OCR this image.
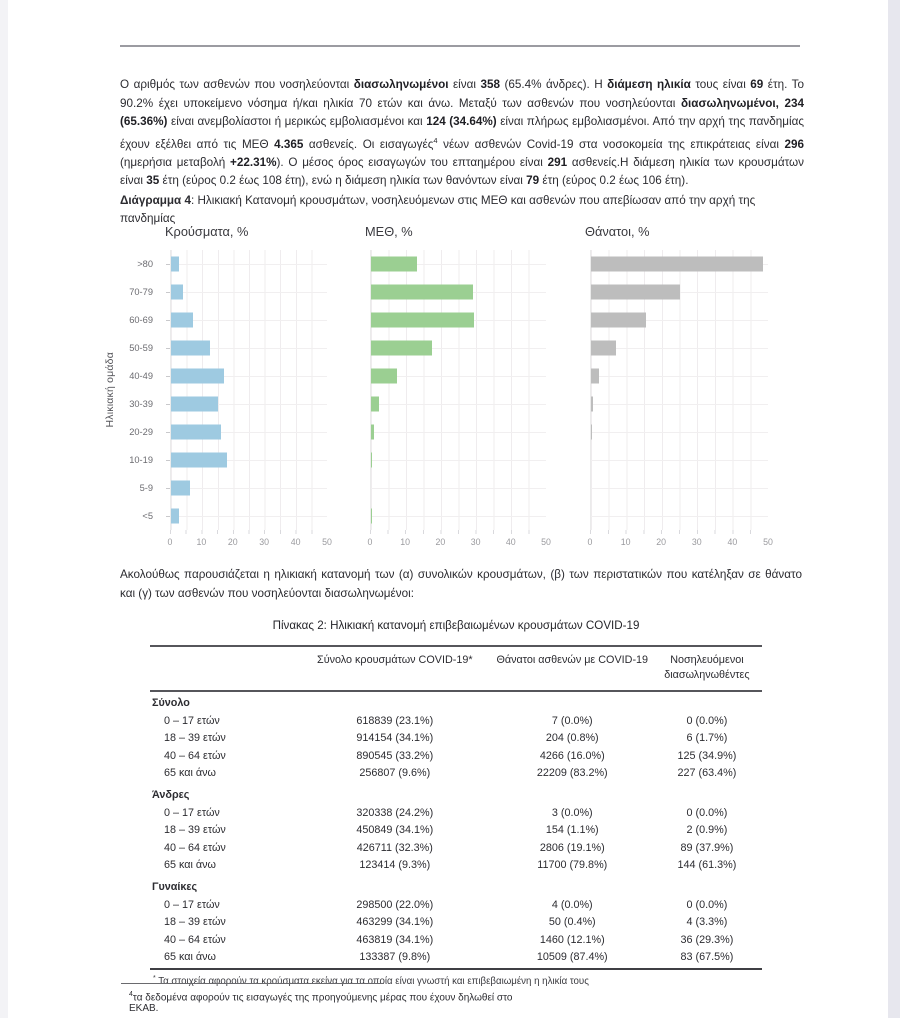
Ο αριθμός των ασθενών που νοσηλεύονται διασωληνωμένοι είναι 358 (65.4% άνδρες). Η διάμεση ηλικία τους είναι 69 έτη. Το 90.2% έχει υποκείμενο νόσημα ή/και ηλικία 70 ετών και άνω. Μεταξύ των ασθενών που νοσηλεύονται διασωληνωμένοι, 234 (65.36%) είναι ανεμβολίαστοι ή μερικώς εμβολιασμένοι και 124 (34.64%) είναι πλήρως εμβολιασμένοι. Από την αρχή της πανδημίας έχουν εξέλθει από τις ΜΕΘ 4.365 ασθενείς. Οι εισαγωγές$^4$ νέων ασθενών Covid-19 στα νοσοκομεία της επικράτειας είναι 296 (ημερήσια μεταβολή +22.31%). Ο μέσος όρος εισαγωγών του επταημέρου είναι 291 ασθενείς.Η διάμεση ηλικία των κρουσμάτων είναι 35 έτη (εύρος 0.2 έως 108 έτη), ενώ η διάμεση ηλικία των θανόντων είναι 79 έτη (εύρος 0.2 έως 106 έτη).

Διάγραμμα 4: Ηλικιακή Κατανομή κρουσμάτων, νοσηλευόμενων στις ΜΕΘ και ασθενών που απεβίωσαν από την αρχή της πανδημίας

Ηλικιακή ομάδα
>80
70-79
60-69
50-59
40-49
30-39
20-29
10-19
5-9
<5
Κρούσματα, %
0	10 20 30 40 50
ΜΕΘ, %
0	10	20	30	40	50
Θάνατοι, %
0	10	20	30	40	50

Ακολούθως παρουσιάζεται η ηλικιακή κατανομή των (α) συνολικών κρουσμάτων, (β) των περιστατικών που κατέληξαν σε θάνατο και (γ) των ασθενών που νοσηλεύονται διασωληνωμένοι:

Πίνακας 2: Ηλικιακή κατανομή επιβεβαιωμένων κρουσμάτων COVID-19

	Σύνολο κρουσμάτων COVID-19*	Θάνατοι ασθενών με COVID-19	Νοσηλευόμενοι διασωληνωθέντες
Σύνολο			
0 – 17 ετών	618839 (23.1%)	7 (0.0%)	0 (0.0%)
18 – 39 ετών	914154 (34.1%)	204 (0.8%)	6 (1.7%)
40 – 64 ετών	890545 (33.2%)	4266 (16.0%)	125 (34.9%)
65 και άνω	256807 (9.6%)	22209 (83.2%)	227 (63.4%)
Άνδρες			
0 – 17 ετών	320338 (24.2%)	3 (0.0%)	0 (0.0%)
18 – 39 ετών	450849 (34.1%)	154 (1.1%)	2 (0.9%)
40 – 64 ετών	426711 (32.3%)	2806 (19.1%)	89 (37.9%)
65 και άνω	123414 (9.3%)	11700 (79.8%)	144 (61.3%)
Γυναίκες			
0 – 17 ετών	298500 (22.0%)	4 (0.0%)	0 (0.0%)
18 – 39 ετών	463299 (34.1%)	50 (0.4%)	4 (3.3%)
40 – 64 ετών	463819 (34.1%)	1460 (12.1%)	36 (29.3%)
65 και άνω	133387 (9.8%)	10509 (87.4%)	83 (67.5%)
* Τα στοιχεία αφορούν τα κρούσματα εκείνα για τα οποία είναι γνωστή και επιβεβαιωμένη η ηλικία τους
$^4$τα δεδομένα αφορούν τις εισαγωγές της προηγούμενης μέρας που έχουν δηλωθεί στο ΕΚΑΒ.
